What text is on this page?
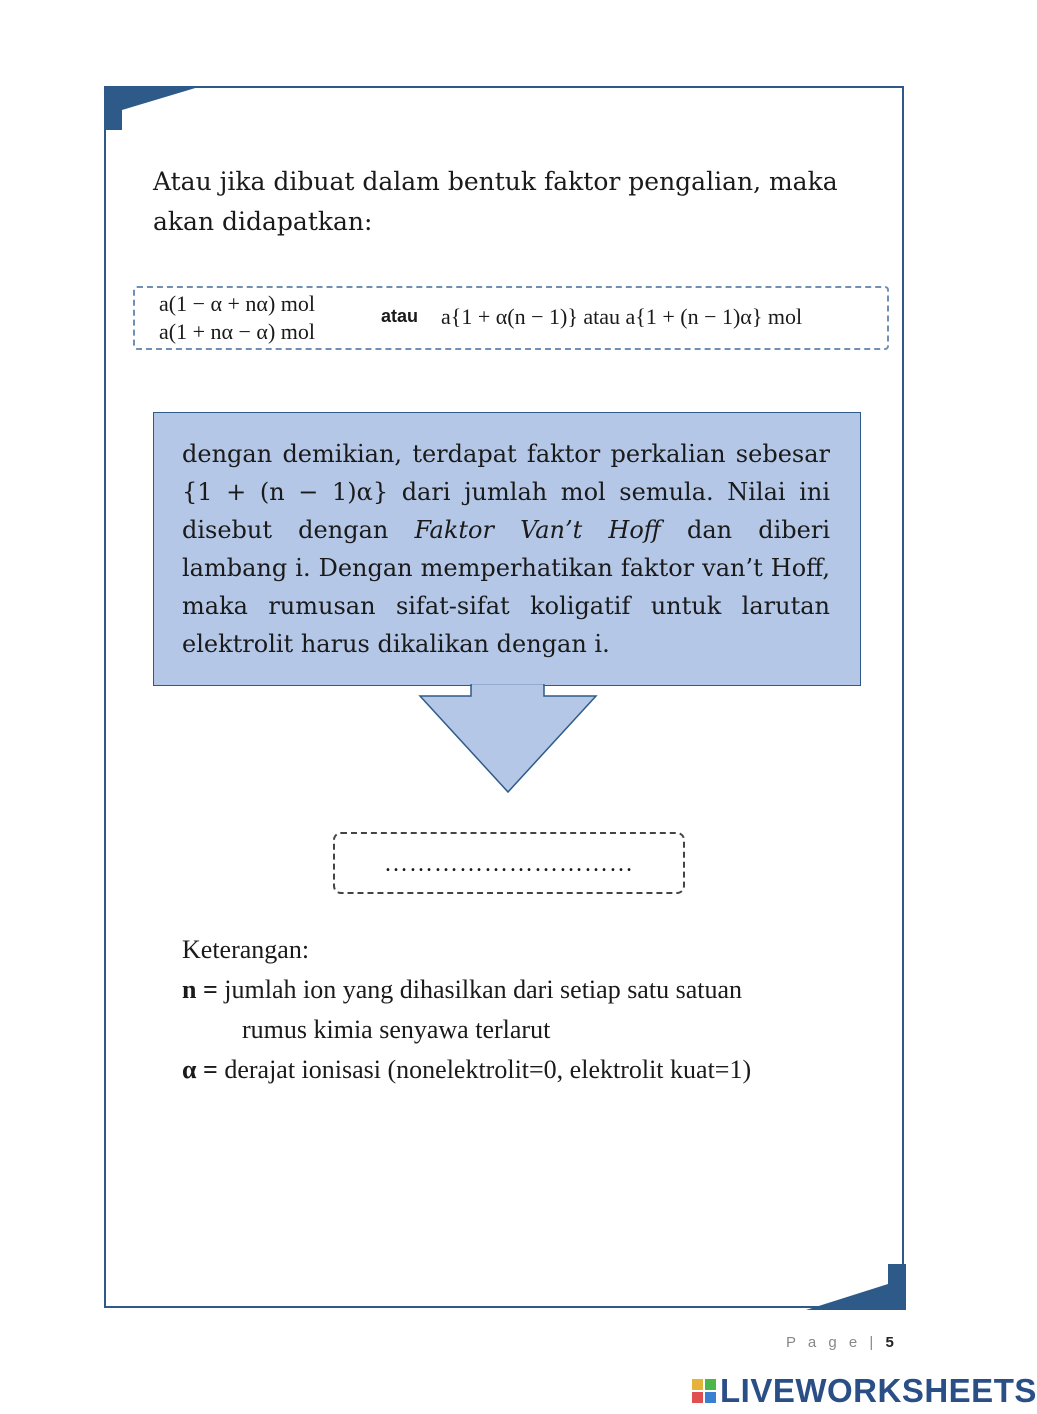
Atau jika dibuat dalam bentuk faktor pengalian, maka akan didapatkan:

a(1 − α + nα) mol
a(1 + nα − α) mol
atau a{1 + α(n − 1)} atau a{1 + (n − 1)α} mol

dengan demikian, terdapat faktor perkalian sebesar {1 + (n − 1)α} dari jumlah mol semula. Nilai ini disebut dengan Faktor Van’t Hoff dan diberi lambang i. Dengan memperhatikan faktor van’t Hoff, maka rumusan sifat-sifat koligatif untuk larutan elektrolit harus dikalikan dengan i.

…………………………

Keterangan:

n = jumlah ion yang dihasilkan dari setiap satu satuan

rumus kimia senyawa terlarut

α = derajat ionisasi (nonelektrolit=0, elektrolit kuat=1)

P a g e | 5
LIVEWORKSHEETS
